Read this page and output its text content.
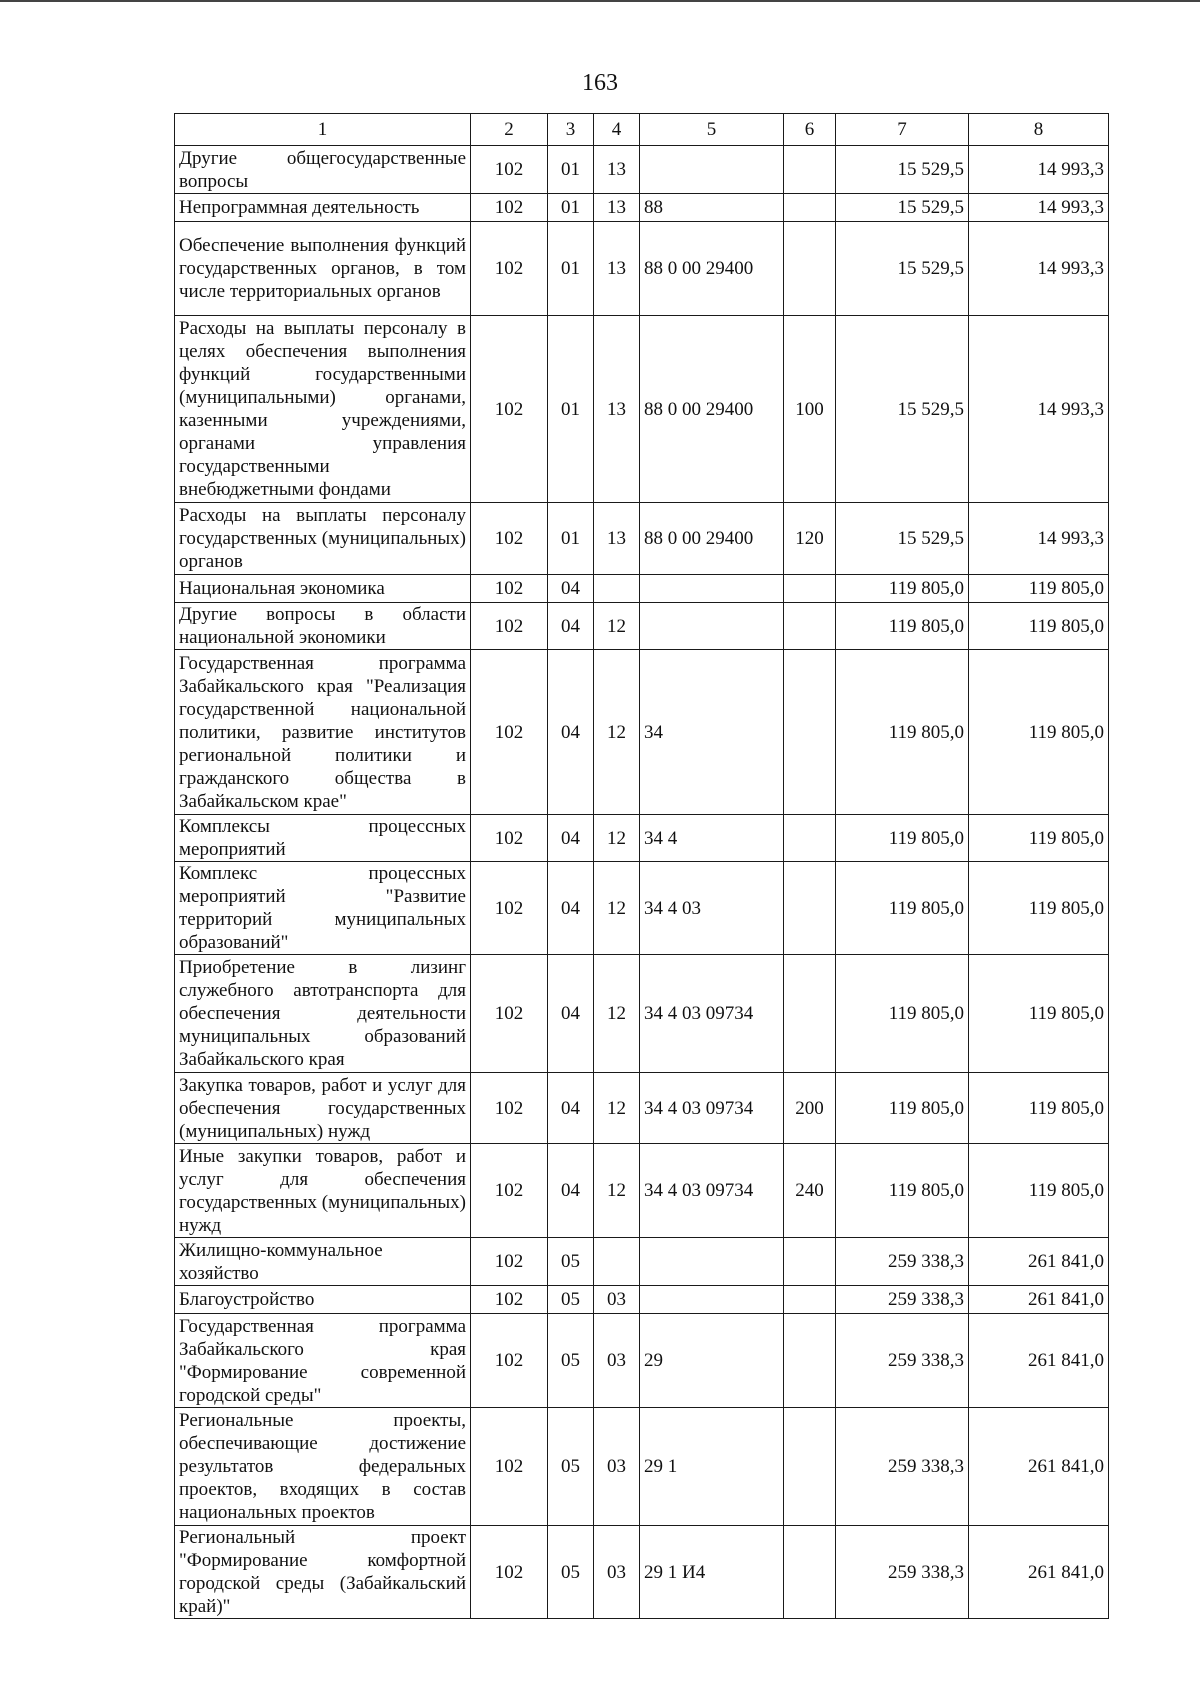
163
1	2	3	4	5	6	7	8
Другие общегосударственные вопросы	102	01	13			15 529,5	14 993,3
Непрограммная деятельность	102	01	13	88		15 529,5	14 993,3
Обеспечение выполнения функций государственных органов, в том числе территориальных органов	102	01	13	88 0 00 29400		15 529,5	14 993,3
Расходы на выплаты персоналу в целях обеспечения выполнения функций государственными (муниципальными) органами, казенными учреждениями, органами управления государственными внебюджетными фондами	102	01	13	88 0 00 29400	100	15 529,5	14 993,3
Расходы на выплаты персоналу государственных (муниципальных) органов	102	01	13	88 0 00 29400	120	15 529,5	14 993,3
Национальная экономика	102	04				119 805,0	119 805,0
Другие вопросы в области национальной экономики	102	04	12			119 805,0	119 805,0
Государственная программа Забайкальского края "Реализация государственной национальной политики, развитие институтов региональной политики и гражданского общества в Забайкальском крае"	102	04	12	34		119 805,0	119 805,0
Комплексы процессных мероприятий	102	04	12	34 4		119 805,0	119 805,0
Комплекс процессных мероприятий "Развитие территорий муниципальных образований"	102	04	12	34 4 03		119 805,0	119 805,0
Приобретение в лизинг служебного автотранспорта для обеспечения деятельности муниципальных образований Забайкальского края	102	04	12	34 4 03 09734		119 805,0	119 805,0
Закупка товаров, работ и услуг для обеспечения государственных (муниципальных) нужд	102	04	12	34 4 03 09734	200	119 805,0	119 805,0
Иные закупки товаров, работ и услуг для обеспечения государственных (муниципальных) нужд	102	04	12	34 4 03 09734	240	119 805,0	119 805,0
Жилищно-коммунальное хозяйство	102	05				259 338,3	261 841,0
Благоустройство	102	05	03			259 338,3	261 841,0
Государственная программа Забайкальского края "Формирование современной городской среды"	102	05	03	29		259 338,3	261 841,0
Региональные проекты, обеспечивающие достижение результатов федеральных проектов, входящих в состав национальных проектов	102	05	03	29 1		259 338,3	261 841,0
Региональный проект "Формирование комфортной городской среды (Забайкальский край)"	102	05	03	29 1 И4		259 338,3	261 841,0
